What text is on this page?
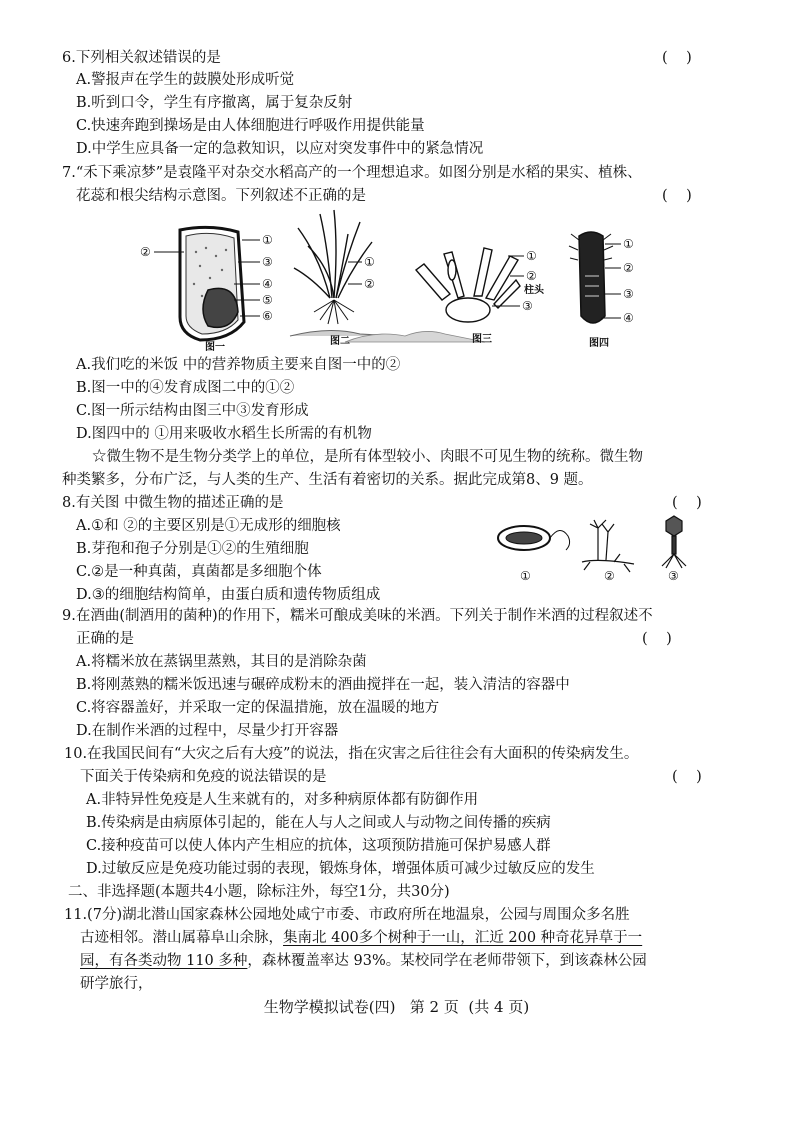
6.下列相关叙述错误的是	(    )
A.警报声在学生的鼓膜处形成听觉
B.听到口令，学生有序撤离，属于复杂反射
C.快速奔跑到操场是由人体细胞进行呼吸作用提供能量
D.中学生应具备一定的急救知识，以应对突发事件中的紧急情况
7.“禾下乘凉梦”是袁隆平对杂交水稻高产的一个理想追求。如图分别是水稻的果实、植株、
花蕊和根尖结构示意图。下列叙述不正确的是	(    )
①
③
④
⑤
⑥
②
图一
①
②
图二
①
②
柱头
③
图三
①
②
③
④
图四
A.我们吃的米饭 中的营养物质主要来自图一中的②
B.图一中的④发育成图二中的①②
C.图一所示结构由图三中③发育形成
D.图四中的 ①用来吸收水稻生长所需的有机物
☆微生物不是生物分类学上的单位，是所有体型较小、肉眼不可见生物的统称。微生物
种类繁多，分布广泛，与人类的生产、生活有着密切的关系。据此完成第8、9 题。
8.有关图 中微生物的描述正确的是	(    )
A.①和 ②的主要区别是①无成形的细胞核
B.芽孢和孢子分别是①②的生殖细胞
C.②是一种真菌，真菌都是多细胞个体
D.③的细胞结构简单，由蛋白质和遗传物质组成
①	②	③
9.在酒曲(制酒用的菌种)的作用下，糯米可酿成美味的米酒。下列关于制作米酒的过程叙述不
正确的是	(    )
A.将糯米放在蒸锅里蒸熟，其目的是消除杂菌
B.将刚蒸熟的糯米饭迅速与碾碎成粉末的酒曲搅拌在一起，装入清洁的容器中
C.将容器盖好，并采取一定的保温措施，放在温暖的地方
D.在制作米酒的过程中，尽量少打开容器
10.在我国民间有“大灾之后有大疫”的说法，指在灾害之后往往会有大面积的传染病发生。
下面关于传染病和免疫的说法错误的是	(    )
A.非特异性免疫是人生来就有的，对多种病原体都有防御作用
B.传染病是由病原体引起的，能在人与人之间或人与动物之间传播的疾病
C.接种疫苗可以使人体内产生相应的抗体，这项预防措施可保护易感人群
D.过敏反应是免疫功能过弱的表现，锻炼身体，增强体质可减少过敏反应的发生
二、非选择题(本题共4小题，除标注外，每空1分，共30分)
11.(7分)湖北潜山国家森林公园地处咸宁市委、市政府所在地温泉，公园与周围众多名胜
古迹相邻。潜山属幕阜山余脉，集南北 400多个树种于一山，汇近 200 种奇花异草于一
园，有各类动物 110 多种，森林覆盖率达 93%。某校同学在老师带领下，到该森林公园
研学旅行，
生物学模拟试卷(四)   第 2 页  (共 4 页)
